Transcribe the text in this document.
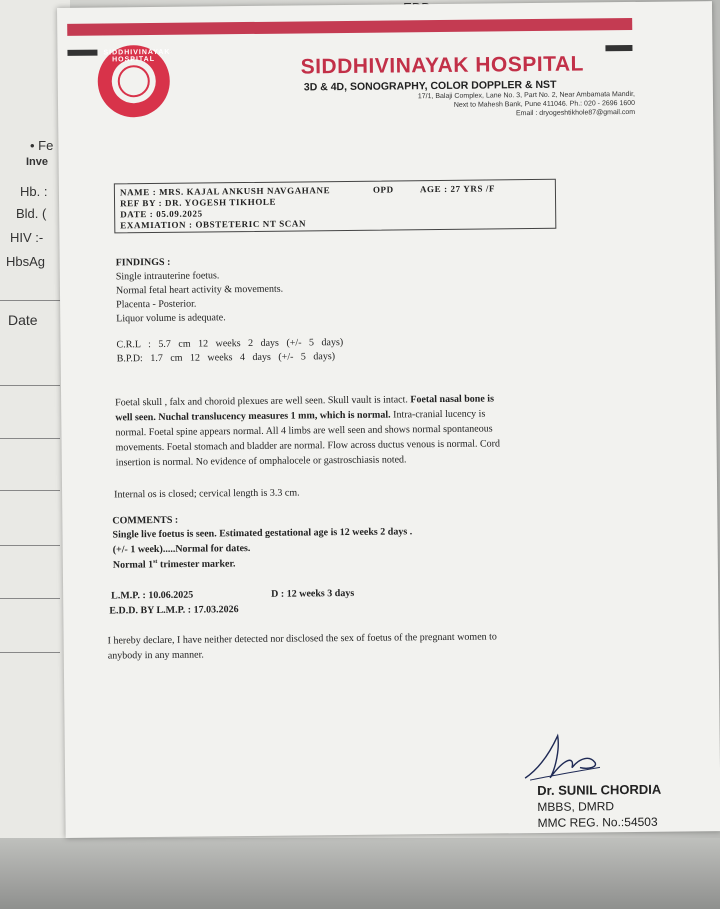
• Fe
Inve
Hb. :
Bld. (
HIV :-
HbsAg
Date
SIDDHIVINAYAK HOSPITAL	SIDDHIVINAYAK HOSPITAL
3D & 4D, SONOGRAPHY, COLOR DOPPLER & NST
17/1, Balaji Complex, Lane No. 3, Part No. 2, Near Ambamata Mandir,
Next to Mahesh Bank, Pune 411046. Ph.: 020 - 2696 1600
Email : dryogeshtikhole87@gmail.com
NAME : MRS. KAJAL ANKUSH NAVGAHANE	OPD	AGE : 27 YRS /F
REF BY : DR. YOGESH TIKHOLE
DATE : 05.09.2025
EXAMIATION : OBSTETERIC NT SCAN
FINDINGS :
Single intrauterine foetus.
Normal fetal heart activity & movements.
Placenta - Posterior.
Liquor volume is adequate.
C.R.L : 5.7 cm 12 weeks 2 days (+/- 5 days)
B.P.D: 1.7 cm 12 weeks 4 days (+/- 5 days)
Foetal skull , falx and choroid plexues are well seen. Skull vault is intact. Foetal nasal bone is
well seen. Nuchal translucency measures 1 mm, which is normal. Intra-cranial lucency is
normal. Foetal spine appears normal. All 4 limbs are well seen and shows normal spontaneous
movements. Foetal stomach and bladder are normal. Flow across ductus venous is normal. Cord
insertion is normal. No evidence of omphalocele or gastroschiasis noted.
Internal os is closed; cervical length is 3.3 cm.
COMMENTS :
Single live foetus is seen. Estimated gestational age is 12 weeks 2 days .
(+/- 1 week).....Normal for dates.
Normal 1st trimester marker.
L.M.P. : 10.06.2025	D : 12 weeks 3 days
E.D.D. BY L.M.P. : 17.03.2026
I hereby declare, I have neither detected nor disclosed the sex of foetus of the pregnant women to
anybody in any manner.
Dr. SUNIL CHORDIA
MBBS, DMRD
MMC REG. No.:54503
